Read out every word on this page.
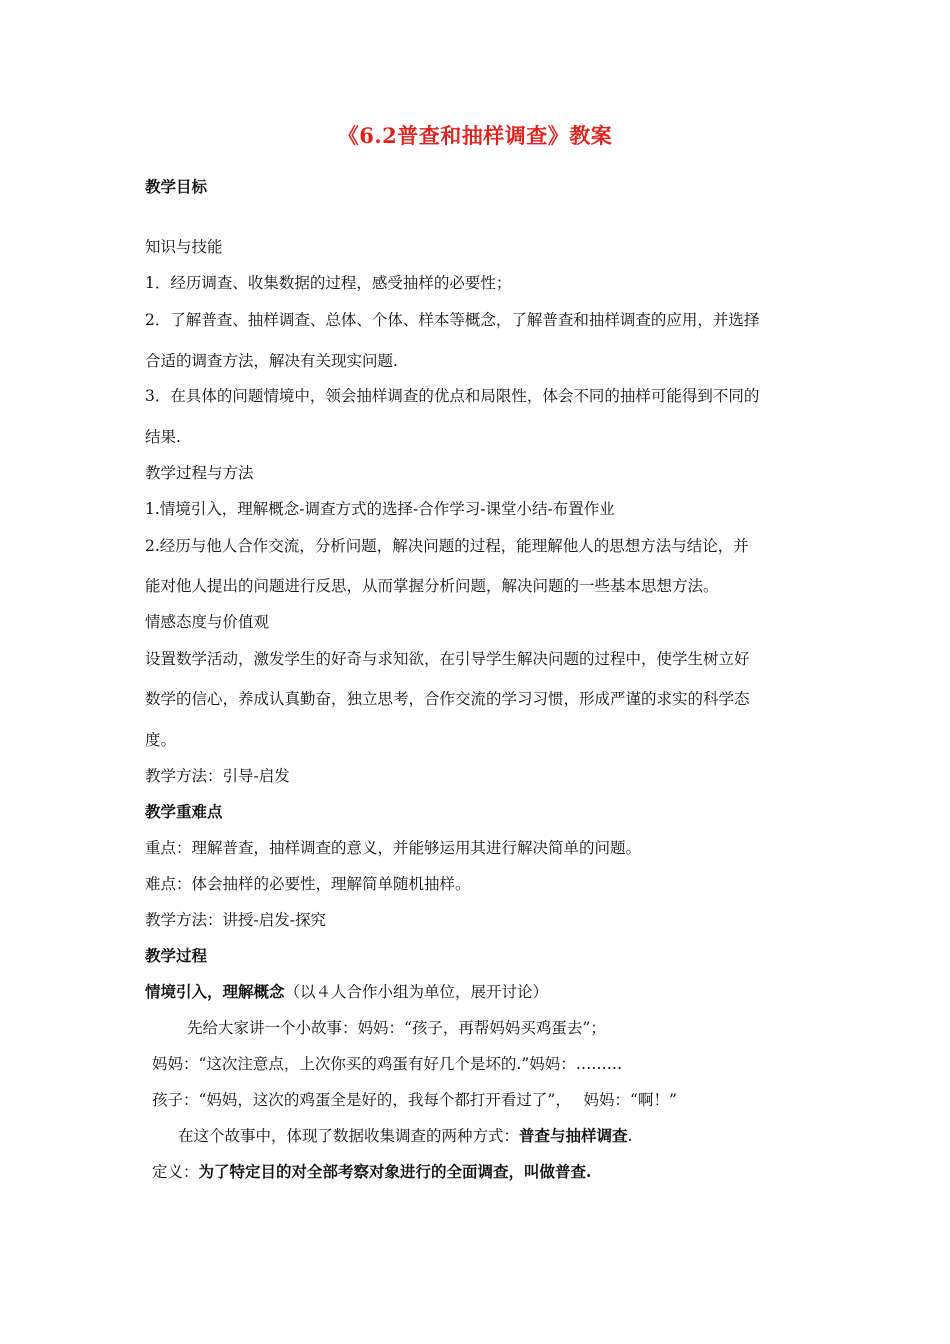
《6.2普查和抽样调查》教案
教学目标
知识与技能
1．经历调查、收集数据的过程，感受抽样的必要性；
2．了解普查、抽样调查、总体、个体、样本等概念，了解普查和抽样调查的应用，并选择
合适的调查方法，解决有关现实问题.
3．在具体的问题情境中，领会抽样调查的优点和局限性，体会不同的抽样可能得到不同的
结果.
教学过程与方法
1.情境引入，理解概念-调查方式的选择-合作学习-课堂小结-布置作业
2.经历与他人合作交流，分析问题，解决问题的过程，能理解他人的思想方法与结论，并
能对他人提出的问题进行反思，从而掌握分析问题，解决问题的一些基本思想方法。
情感态度与价值观
设置数学活动，激发学生的好奇与求知欲，在引导学生解决问题的过程中，使学生树立好
数学的信心，养成认真勤奋，独立思考，合作交流的学习习惯，形成严谨的求实的科学态
度。
教学方法：引导-启发
教学重难点
重点：理解普查，抽样调查的意义，并能够运用其进行解决简单的问题。
难点：体会抽样的必要性，理解简单随机抽样。
教学方法：讲授-启发-探究
教学过程
情境引入，理解概念（以４人合作小组为单位，展开讨论）
先给大家讲一个小故事：妈妈：“孩子，再帮妈妈买鸡蛋去”；
妈妈：“这次注意点，上次你买的鸡蛋有好几个是坏的.”妈妈：………
孩子：“妈妈，这次的鸡蛋全是好的，我每个都打开看过了”，　 妈妈：“啊！”
在这个故事中，体现了数据收集调查的两种方式：普查与抽样调查.
定义：为了特定目的对全部考察对象进行的全面调查，叫做普查.
